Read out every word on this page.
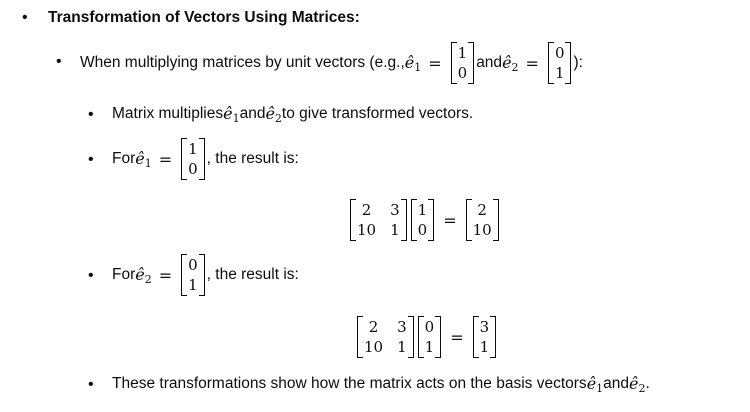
• Transformation of Vectors Using Matrices:
• When multiplying matrices by unit vectors (e.g., $ê_1$ =
1
0
and $ê_2$ =
0
1
):
• Matrix multiplies $ê_1$ and $ê_2$ to give transformed vectors.
• For $ê_1$ =
1
0
, the result is:
2	3
10 1
1
0
=
2
10
• For $ê_2$ =
0
1
, the result is:
2	3
10 1
0
1
=
3
1
• These transformations show how the matrix acts on the basis vectors $ê_1$ and $ê_2$ .
